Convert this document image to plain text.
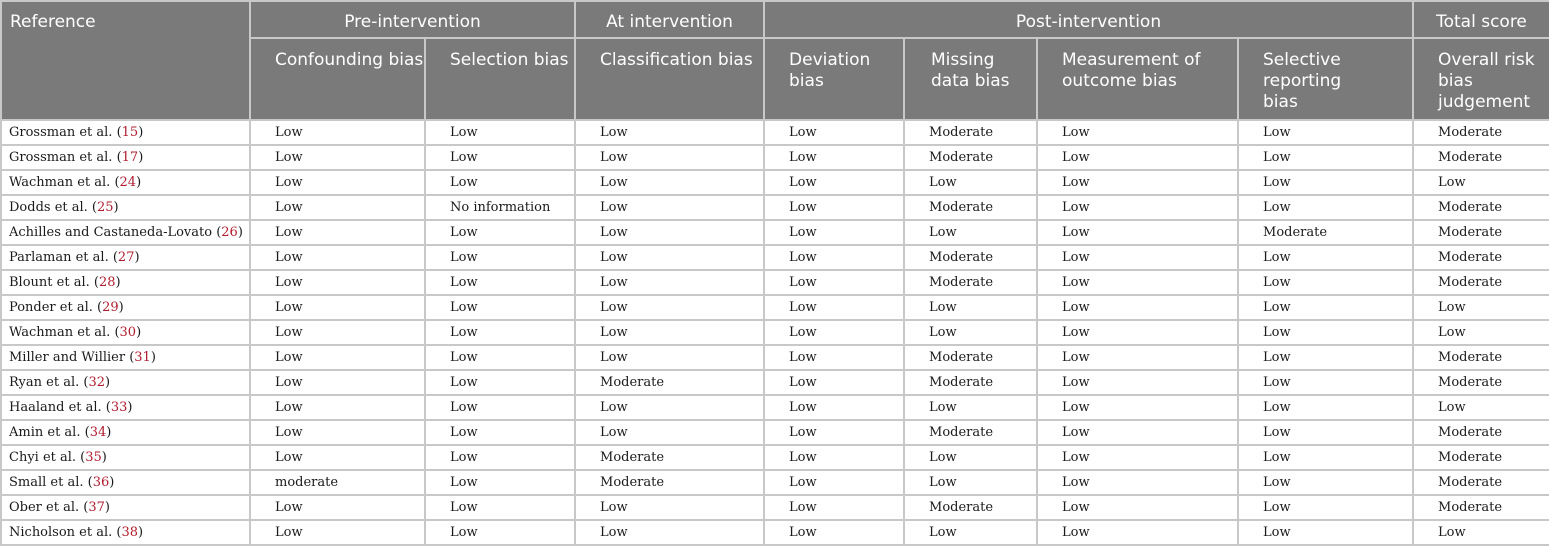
Reference	Pre-intervention		At intervention	Post-intervention				Total score
	Confounding bias	Selection bias	Classification bias	Deviation bias	Missing data bias	Measurement of outcome bias	Selective reporting bias	Overall risk bias judgement
Grossman et al. (15)	Low	Low	Low	Low	Moderate	Low	Low	Moderate
Grossman et al. (17)	Low	Low	Low	Low	Moderate	Low	Low	Moderate
Wachman et al. (24)	Low	Low	Low	Low	Low	Low	Low	Low
Dodds et al. (25)	Low	No information	Low	Low	Moderate	Low	Low	Moderate
Achilles and Castaneda-Lovato (26)	Low	Low	Low	Low	Low	Low	Moderate	Moderate
Parlaman et al. (27)	Low	Low	Low	Low	Moderate	Low	Low	Moderate
Blount et al. (28)	Low	Low	Low	Low	Moderate	Low	Low	Moderate
Ponder et al. (29)	Low	Low	Low	Low	Low	Low	Low	Low
Wachman et al. (30)	Low	Low	Low	Low	Low	Low	Low	Low
Miller and Willier (31)	Low	Low	Low	Low	Moderate	Low	Low	Moderate
Ryan et al. (32)	Low	Low	Moderate	Low	Moderate	Low	Low	Moderate
Haaland et al. (33)	Low	Low	Low	Low	Low	Low	Low	Low
Amin et al. (34)	Low	Low	Low	Low	Moderate	Low	Low	Moderate
Chyi et al. (35)	Low	Low	Moderate	Low	Low	Low	Low	Moderate
Small et al. (36)	moderate	Low	Moderate	Low	Low	Low	Low	Moderate
Ober et al. (37)	Low	Low	Low	Low	Moderate	Low	Low	Moderate
Nicholson et al. (38)	Low	Low	Low	Low	Low	Low	Low	Low
